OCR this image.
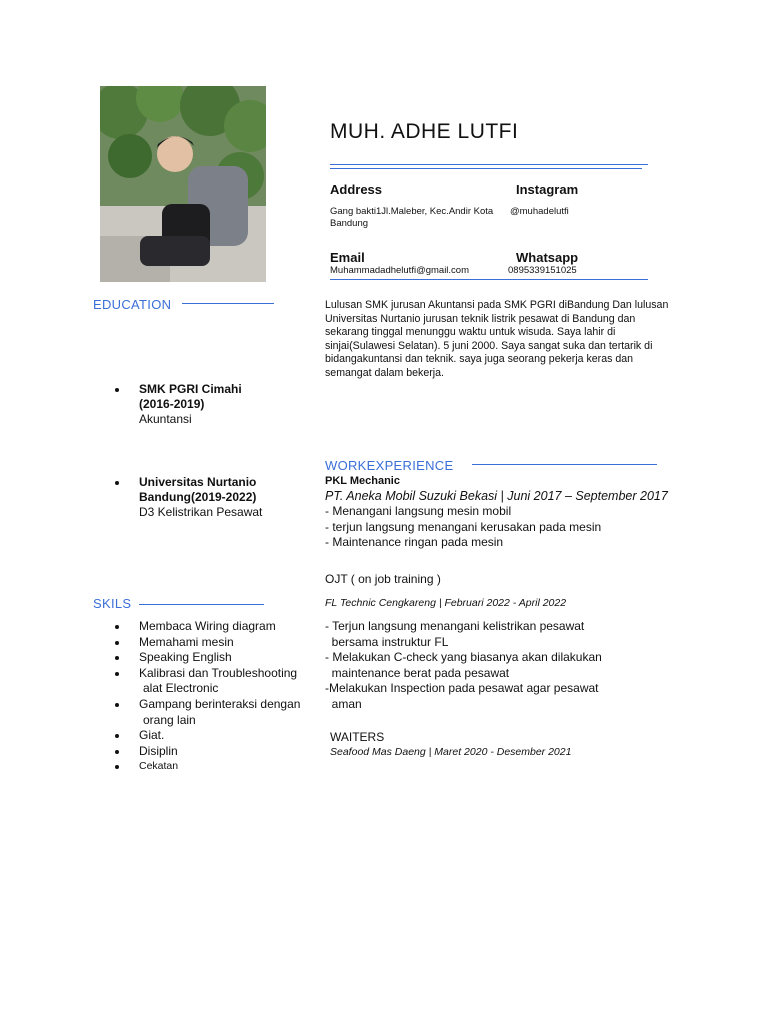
MUH. ADHE LUTFI
Address
Gang bakti1Jl.Maleber, Kec.Andir Kota Bandung
Instagram
@muhadelutfi
Email
Muhammadadhelutfi@gmail.com
Whatsapp
0895339151025
EDUCATION	Lulusan SMK jurusan Akuntansi pada SMK PGRI diBandung Dan lulusan Universitas Nurtanio jurusan teknik listrik pesawat di Bandung dan sekarang tinggal menunggu waktu untuk wisuda. Saya lahir di sinjai(Sulawesi Selatan). 5 juni 2000. Saya sangat suka dan tertarik di bidangakuntansi dan teknik. saya juga seorang pekerja keras dan semangat dalam bekerja.
SMK PGRI Cimahi
(2016-2019)
Akuntansi
Universitas Nurtanio
Bandung(2019-2022)
D3 Kelistrikan Pesawat
WORKEXPERIENCE
PKL Mechanic
PT. Aneka Mobil Suzuki Bekasi | Juni 2017 – September 2017
- Menangani langsung mesin mobil
- terjun langsung menangani kerusakan pada mesin
- Maintenance ringan pada mesin
OJT ( on job training )
FL Technic Cengkareng | Februari 2022 - April 2022
- Terjun langsung menangani kelistrikan pesawat
bersama instruktur FL
- Melakukan C-check yang biasanya akan dilakukan
maintenance berat pada pesawat
-Melakukan Inspection pada pesawat agar pesawat
aman
WAITERS
Seafood Mas Daeng | Maret 2020 - Desember 2021
SKILS
Membaca Wiring diagram
Memahami mesin
Speaking English
Kalibrasi dan Troubleshooting
alat Electronic
Gampang berinteraksi dengan
orang lain
Giat.
Disiplin
Cekatan
